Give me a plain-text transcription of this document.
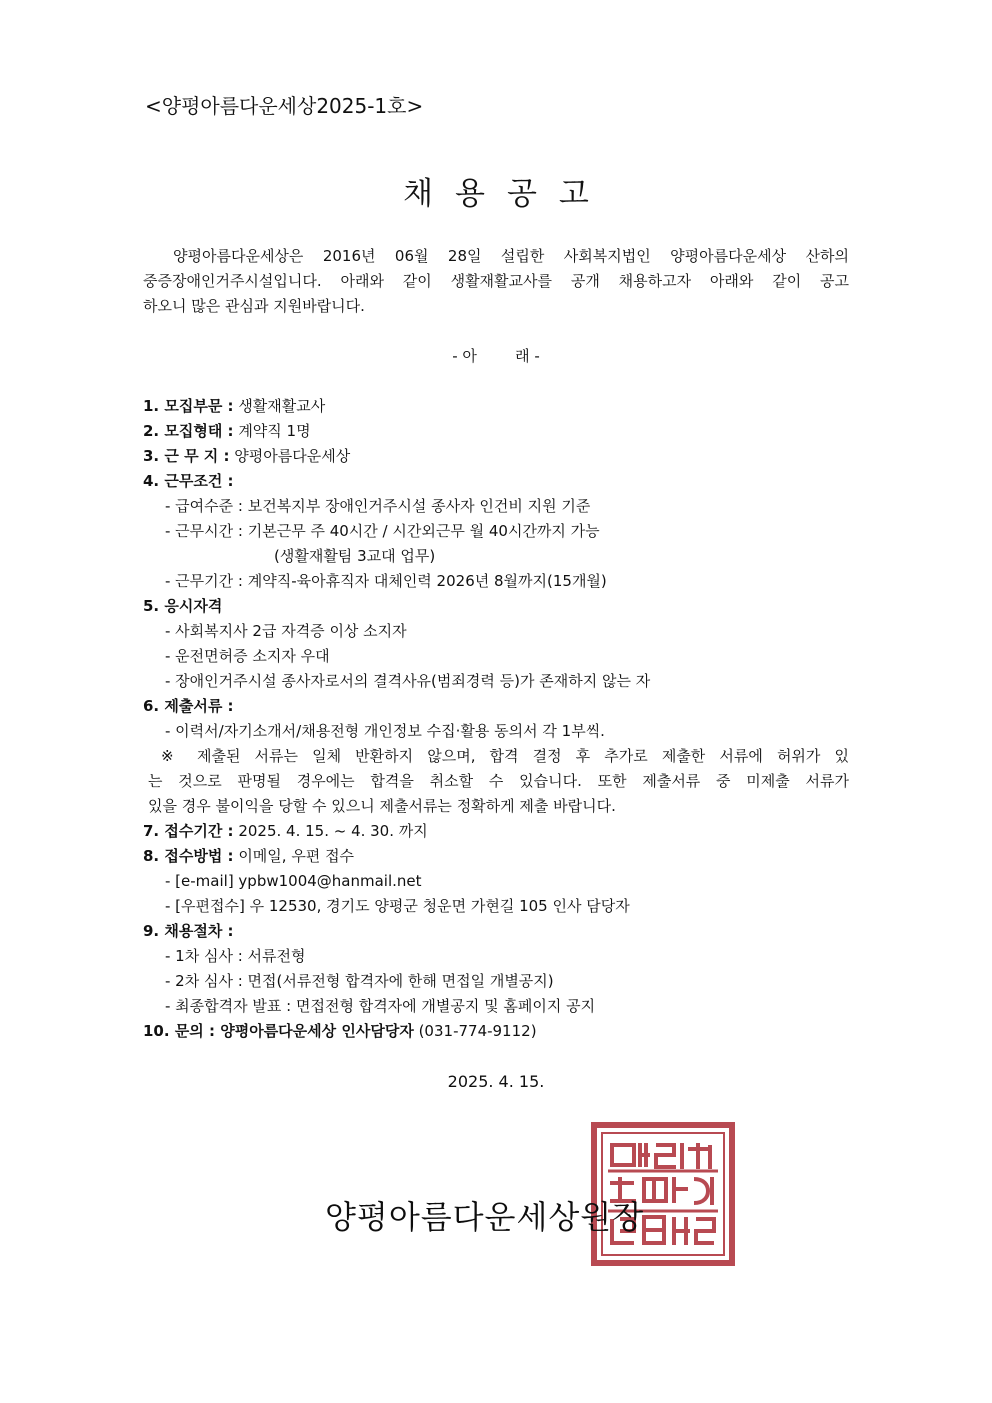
<양평아름다운세상2025-1호>
채용공고
양평아름다운세상은 2016년 06월 28일 설립한 사회복지법인 양평아름다운세상 산하의
중증장애인거주시설입니다. 아래와 같이 생활재활교사를 공개 채용하고자 아래와 같이 공고
하오니 많은 관심과 지원바랍니다.
- 아        래 -
1. 모집부문 : 생활재활교사
2. 모집형태 : 계약직 1명
3. 근 무 지 : 양평아름다운세상
4. 근무조건 :
- 급여수준 : 보건복지부 장애인거주시설 종사자 인건비 지원 기준
- 근무시간 : 기본근무 주 40시간 / 시간외근무 월 40시간까지 가능
(생활재활팀 3교대 업무)
- 근무기간 : 계약직-육아휴직자 대체인력 2026년 8월까지(15개월)
5. 응시자격
- 사회복지사 2급 자격증 이상 소지자
- 운전면허증 소지자 우대
- 장애인거주시설 종사자로서의 결격사유(범죄경력 등)가 존재하지 않는 자
6. 제출서류 :
- 이력서/자기소개서/채용전형 개인정보 수집·활용 동의서 각 1부씩.
※ 제출된 서류는 일체 반환하지 않으며, 합격 결정 후 추가로 제출한 서류에 허위가 있
는 것으로 판명될 경우에는 합격을 취소할 수 있습니다. 또한 제출서류 중 미제출 서류가
있을 경우 불이익을 당할 수 있으니 제출서류는 정확하게 제출 바랍니다.
7. 접수기간 : 2025. 4. 15. ~ 4. 30. 까지
8. 접수방법 : 이메일, 우편 접수
- [e-mail] ypbw1004@hanmail.net
- [우편접수] 우 12530, 경기도 양평군 청운면 가현길 105 인사 담당자
9. 채용절차 :
- 1차 심사 : 서류전형
- 2차 심사 : 면접(서류전형 합격자에 한해 면접일 개별공지)
- 최종합격자 발표 : 면접전형 합격자에 개별공지 및 홈페이지 공지
10. 문의 : 양평아름다운세상 인사담당자 (031-774-9112)
2025. 4. 15.
양평아름다운세상원장
